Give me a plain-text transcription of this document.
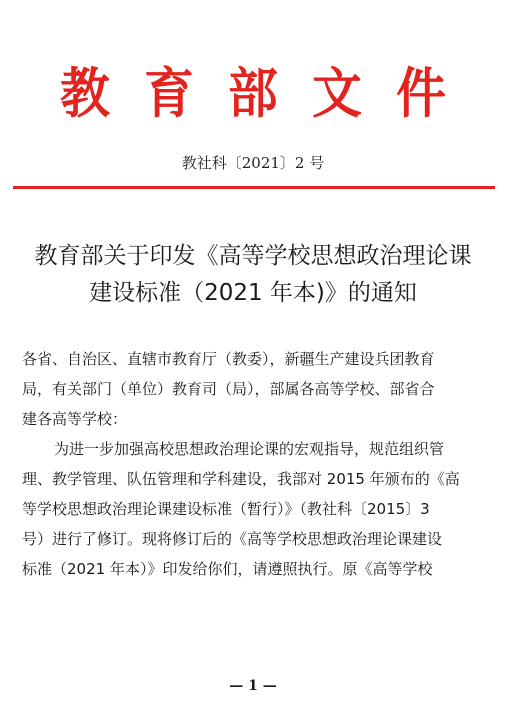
教 育 部 文 件
教社科〔2021〕2 号
教育部关于印发《高等学校思想政治理论课
建设标准（2021 年本)》的通知
各省、自治区、直辖市教育厅（教委），新疆生产建设兵团教育
局，有关部门（单位）教育司（局），部属各高等学校、部省合
建各高等学校：
为进一步加强高校思想政治理论课的宏观指导，规范组织管
理、教学管理、队伍管理和学科建设，我部对 2015 年颁布的《高
等学校思想政治理论课建设标准（暂行）》（教社科〔2015〕3
号）进行了修订。现将修订后的《高等学校思想政治理论课建设
标准（2021 年本）》印发给你们，请遵照执行。原《高等学校
— 1 —
